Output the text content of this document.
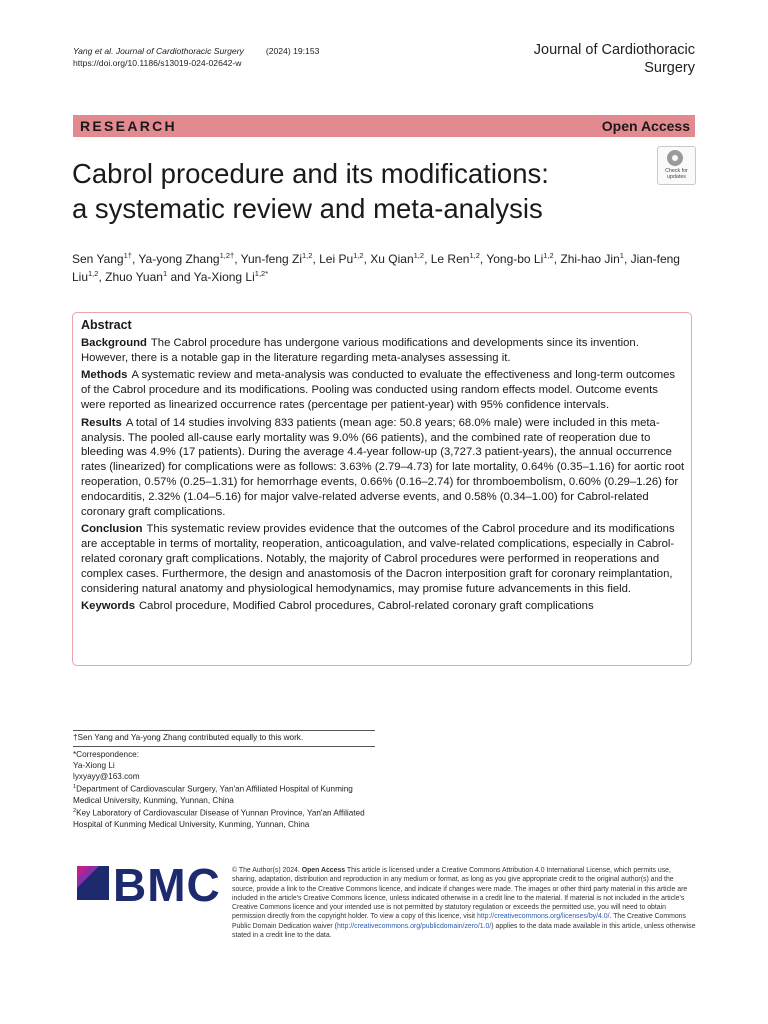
Yang et al. Journal of Cardiothoracic Surgery	(2024) 19:153
https://doi.org/10.1186/s13019-024-02642-w
Journal of Cardiothoracic
Surgery
RESEARCH	Open Access
Check for
updates
Cabrol procedure and its modifications:
a systematic review and meta-analysis
Sen Yang$^{1\dagger}$, Ya-yong Zhang$^{1,2\dagger}$, Yun-feng Zi$^{1,2}$, Lei Pu$^{1,2}$, Xu Qian$^{1,2}$, Le Ren$^{1,2}$, Yong-bo Li$^{1,2}$, Zhi-hao Jin$^1$, Jian-feng Liu$^{1,2}$, Zhuo Yuan$^1$ and Ya-Xiong $Li^{1,2*}$
Abstract

Background The Cabrol procedure has undergone various modifications and developments since its invention. However, there is a notable gap in the literature regarding meta-analyses assessing it.

Methods A systematic review and meta-analysis was conducted to evaluate the effectiveness and long-term outcomes of the Cabrol procedure and its modifications. Pooling was conducted using random effects model. Outcome events were reported as linearized occurrence rates (percentage per patient-year) with 95% confidence intervals.

Results A total of 14 studies involving 833 patients (mean age: 50.8 years; 68.0% male) were included in this meta-analysis. The pooled all-cause early mortality was 9.0% (66 patients), and the combined rate of reoperation due to bleeding was 4.9% (17 patients). During the average 4.4-year follow-up (3,727.3 patient-years), the annual occurrence rates (linearized) for complications were as follows: 3.63% (2.79–4.73) for late mortality, 0.64% (0.35–1.16) for aortic root reoperation, 0.57% (0.25–1.31) for hemorrhage events, 0.66% (0.16–2.74) for thromboembolism, 0.60% (0.29–1.26) for endocarditis, 2.32% (1.04–5.16) for major valve-related adverse events, and 0.58% (0.34–1.00) for Cabrol-related coronary graft complications.

Conclusion This systematic review provides evidence that the outcomes of the Cabrol procedure and its modifications are acceptable in terms of mortality, reoperation, anticoagulation, and valve-related complications, especially in Cabrol-related coronary graft complications. Notably, the majority of Cabrol procedures were performed in reoperations and complex cases. Furthermore, the design and anastomosis of the Dacron interposition graft for coronary reimplantation, considering natural anatomy and physiological hemodynamics, may promise future advancements in this field.

Keywords Cabrol procedure, Modified Cabrol procedures, Cabrol-related coronary graft complications

†Sen Yang and Ya-yong Zhang contributed equally to this work.
*Correspondence:
Ya-Xiong Li
lyxyayy@163.com
$^1$Department of Cardiovascular Surgery, Yan'an Affiliated Hospital of Kunming Medical University, Kunming, Yunnan, China
$^2$Key Laboratory of Cardiovascular Disease of Yunnan Province, Yan'an Affiliated Hospital of Kunming Medical University, Kunming, Yunnan, China
BMC © The Author(s) 2024. Open Access This article is licensed under a Creative Commons Attribution 4.0 International License, which permits use, sharing, adaptation, distribution and reproduction in any medium or format, as long as you give appropriate credit to the original author(s) and the source, provide a link to the Creative Commons licence, and indicate if changes were made. The images or other third party material in this article are included in the article's Creative Commons licence, unless indicated otherwise in a credit line to the material. If material is not included in the article's Creative Commons licence and your intended use is not permitted by statutory regulation or exceeds the permitted use, you will need to obtain permission directly from the copyright holder. To view a copy of this licence, visit http://creativecommons.org/licenses/by/4.0/. The Creative Commons Public Domain Dedication waiver (http://creativecommons.org/publicdomain/zero/1.0/) applies to the data made available in this article, unless otherwise stated in a credit line to the data.
